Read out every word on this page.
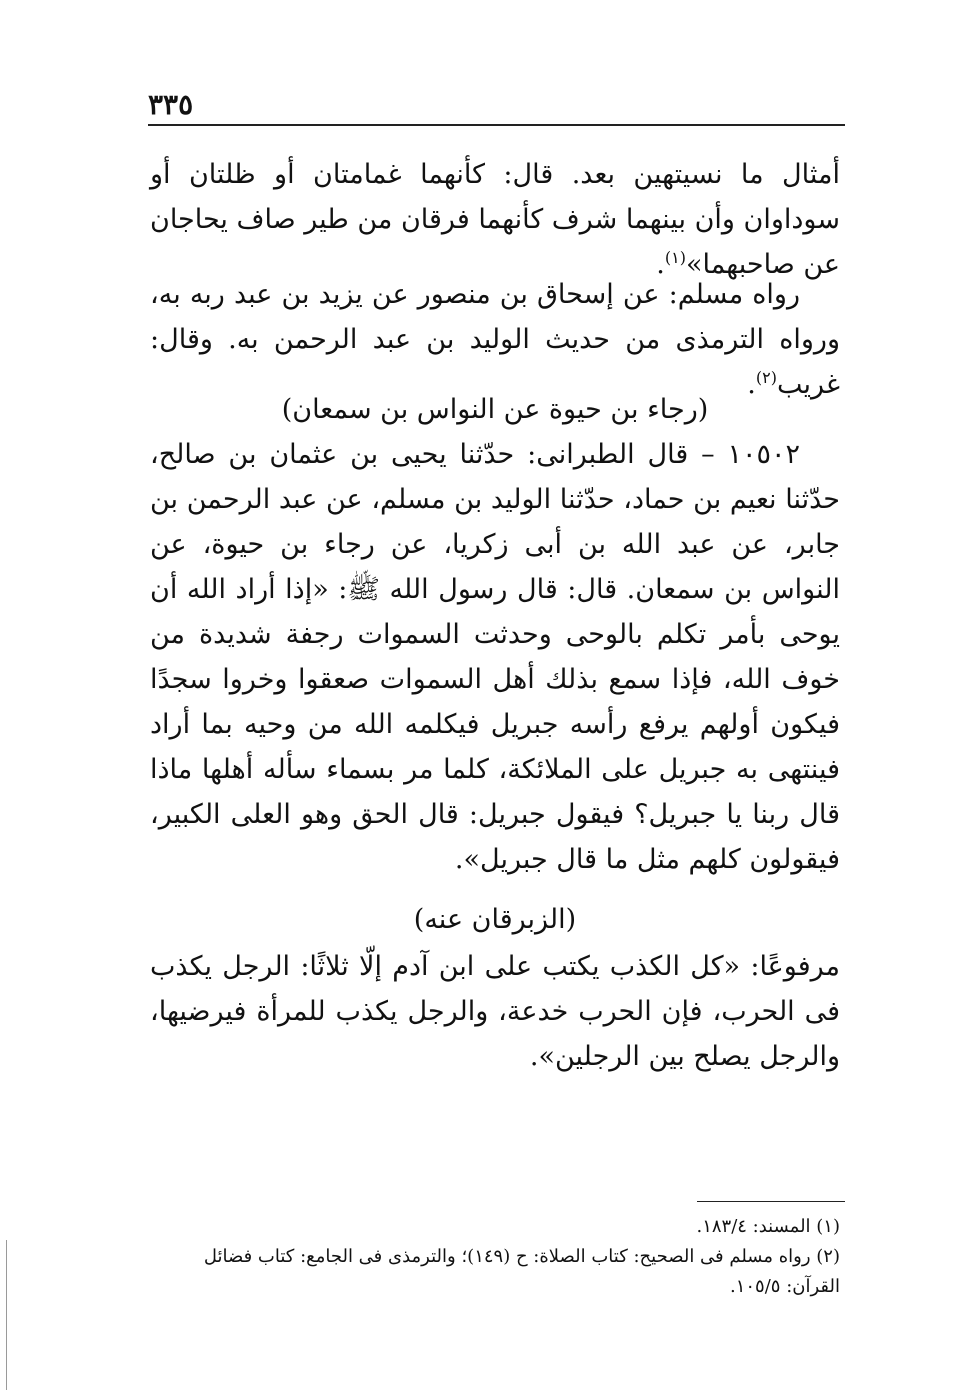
٣٣٥
أمثال ما نسيتهين بعد. قال: كأنهما غمامتان أو ظلتان أو سوداوان وأن بينهما شرف كأنهما فرقان من طير صاف يحاجان عن صاحبهما»$^{(١)}$.
رواه مسلم: عن إسحاق بن منصور عن يزيد بن عبد ربه به، ورواه الترمذى من حديث الوليد بن عبد الرحمن به. وقال: غريب$^{(٢)}$.
(رجاء بن حيوة عن النواس بن سمعان)
١٠٥٠٢ – قال الطبرانى: حدّثنا يحيى بن عثمان بن صالح، حدّثنا نعيم بن حماد، حدّثنا الوليد بن مسلم، عن عبد الرحمن بن جابر، عن عبد الله بن أبى زكريا، عن رجاء بن حيوة، عن النواس بن سمعان. قال: قال رسول الله ﷺ: «إذا أراد الله أن يوحى بأمر تكلم بالوحى وحدثت السموات رجفة شديدة من خوف الله، فإذا سمع بذلك أهل السموات صعقوا وخروا سجدًا فيكون أولهم يرفع رأسه جبريل فيكلمه الله من وحيه بما أراد فينتهى به جبريل على الملائكة، كلما مر بسماء سأله أهلها ماذا قال ربنا يا جبريل؟ فيقول جبريل: قال الحق وهو العلى الكبير، فيقولون كلهم مثل ما قال جبريل».
(الزبرقان عنه)
مرفوعًا: «كل الكذب يكتب على ابن آدم إلّا ثلاثًا: الرجل يكذب فى الحرب، فإن الحرب خدعة، والرجل يكذب للمرأة فيرضيها، والرجل يصلح بين الرجلين».

(١) المسند: ١٨٣/٤.

(٢) رواه مسلم فى الصحيح: كتاب الصلاة: ح (١٤٩)؛ والترمذى فى الجامع: كتاب فضائل القرآن: ١٠٥/٥.
